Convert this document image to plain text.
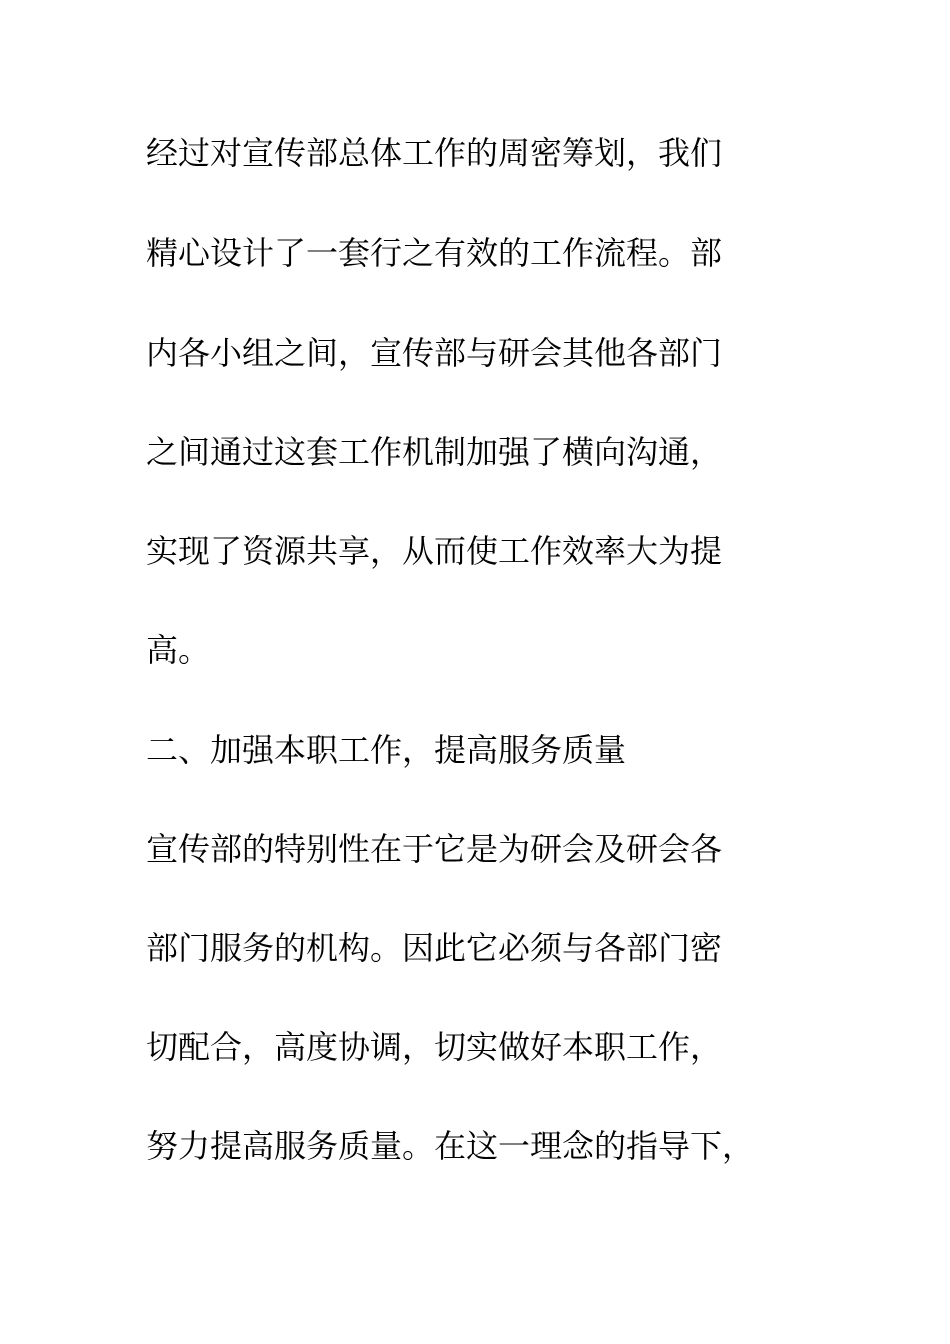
经过对宣传部总体工作的周密筹划，我们

精心设计了一套行之有效的工作流程。部

内各小组之间，宣传部与研会其他各部门

之间通过这套工作机制加强了横向沟通，

实现了资源共享，从而使工作效率大为提

高。

二、加强本职工作，提高服务质量

宣传部的特别性在于它是为研会及研会各

部门服务的机构。因此它必须与各部门密

切配合，高度协调，切实做好本职工作，

努力提高服务质量。在这一理念的指导下，
